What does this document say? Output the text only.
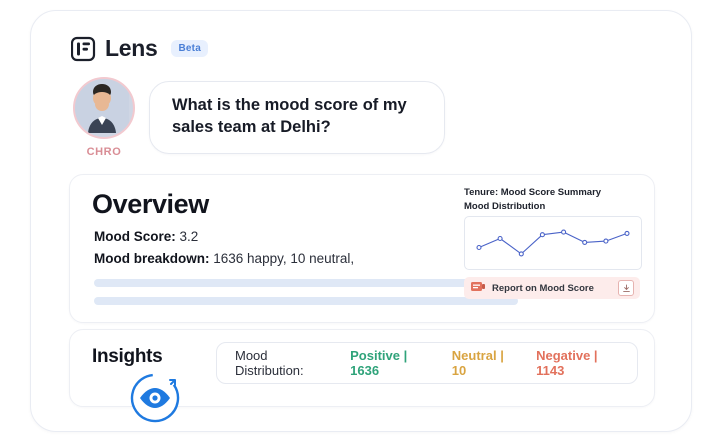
Lens	Beta
CHRO
What is the mood score of my sales team at Delhi?
Overview
Mood Score: 3.2
Mood breakdown: 1636 happy, 10 neutral,
Tenure: Mood Score Summary
Mood Distribution
Report on Mood Score
Insights	Mood Distribution:
Positive | 1636
Neutral | 10
Negative | 1143
